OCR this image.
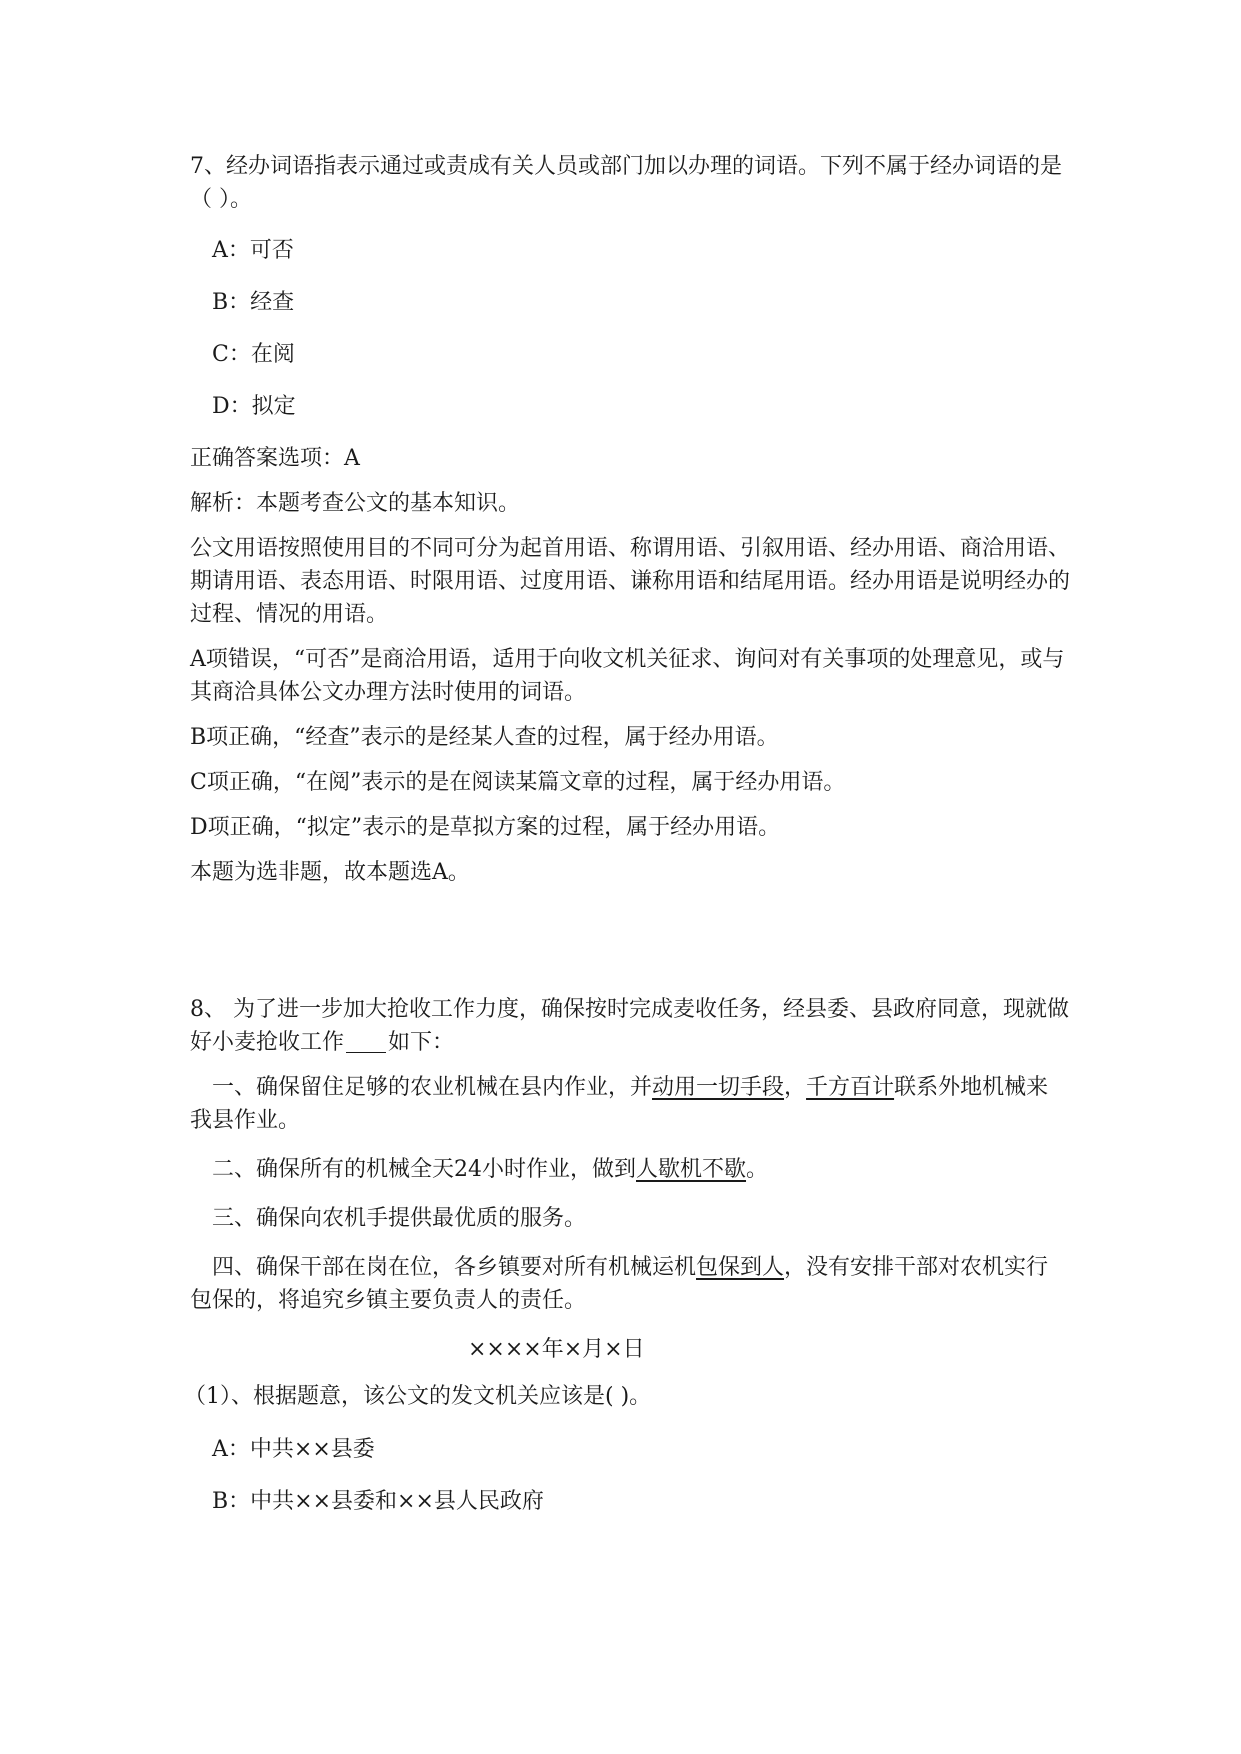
7、经办词语指表示通过或责成有关人员或部门加以办理的词语。下列不属于经办词语的是（ ）。

A：可否

B：经查

C：在阅

D：拟定

正确答案选项：A

解析：本题考查公文的基本知识。

公文用语按照使用目的不同可分为起首用语、称谓用语、引叙用语、经办用语、商洽用语、期请用语、表态用语、时限用语、过度用语、谦称用语和结尾用语。经办用语是说明经办的过程、情况的用语。

A项错误，“可否”是商洽用语，适用于向收文机关征求、询问对有关事项的处理意见，或与其商洽具体公文办理方法时使用的词语。

B项正确，“经查”表示的是经某人查的过程，属于经办用语。

C项正确，“在阅”表示的是在阅读某篇文章的过程，属于经办用语。

D项正确，“拟定”表示的是草拟方案的过程，属于经办用语。

本题为选非题，故本题选A。

8、 为了进一步加大抢收工作力度，确保按时完成麦收任务，经县委、县政府同意，现就做好小麦抢收工作 如下：

一、确保留住足够的农业机械在县内作业，并动用一切手段，千方百计联系外地机械来我县作业。

二、确保所有的机械全天24小时作业，做到人歇机不歇。

三、确保向农机手提供最优质的服务。

四、确保干部在岗在位，各乡镇要对所有机械运机包保到人，没有安排干部对农机实行包保的，将追究乡镇主要负责人的责任。

××××年×月×日

（1）、根据题意，该公文的发文机关应该是( )。

A：中共××县委

B：中共××县委和××县人民政府
